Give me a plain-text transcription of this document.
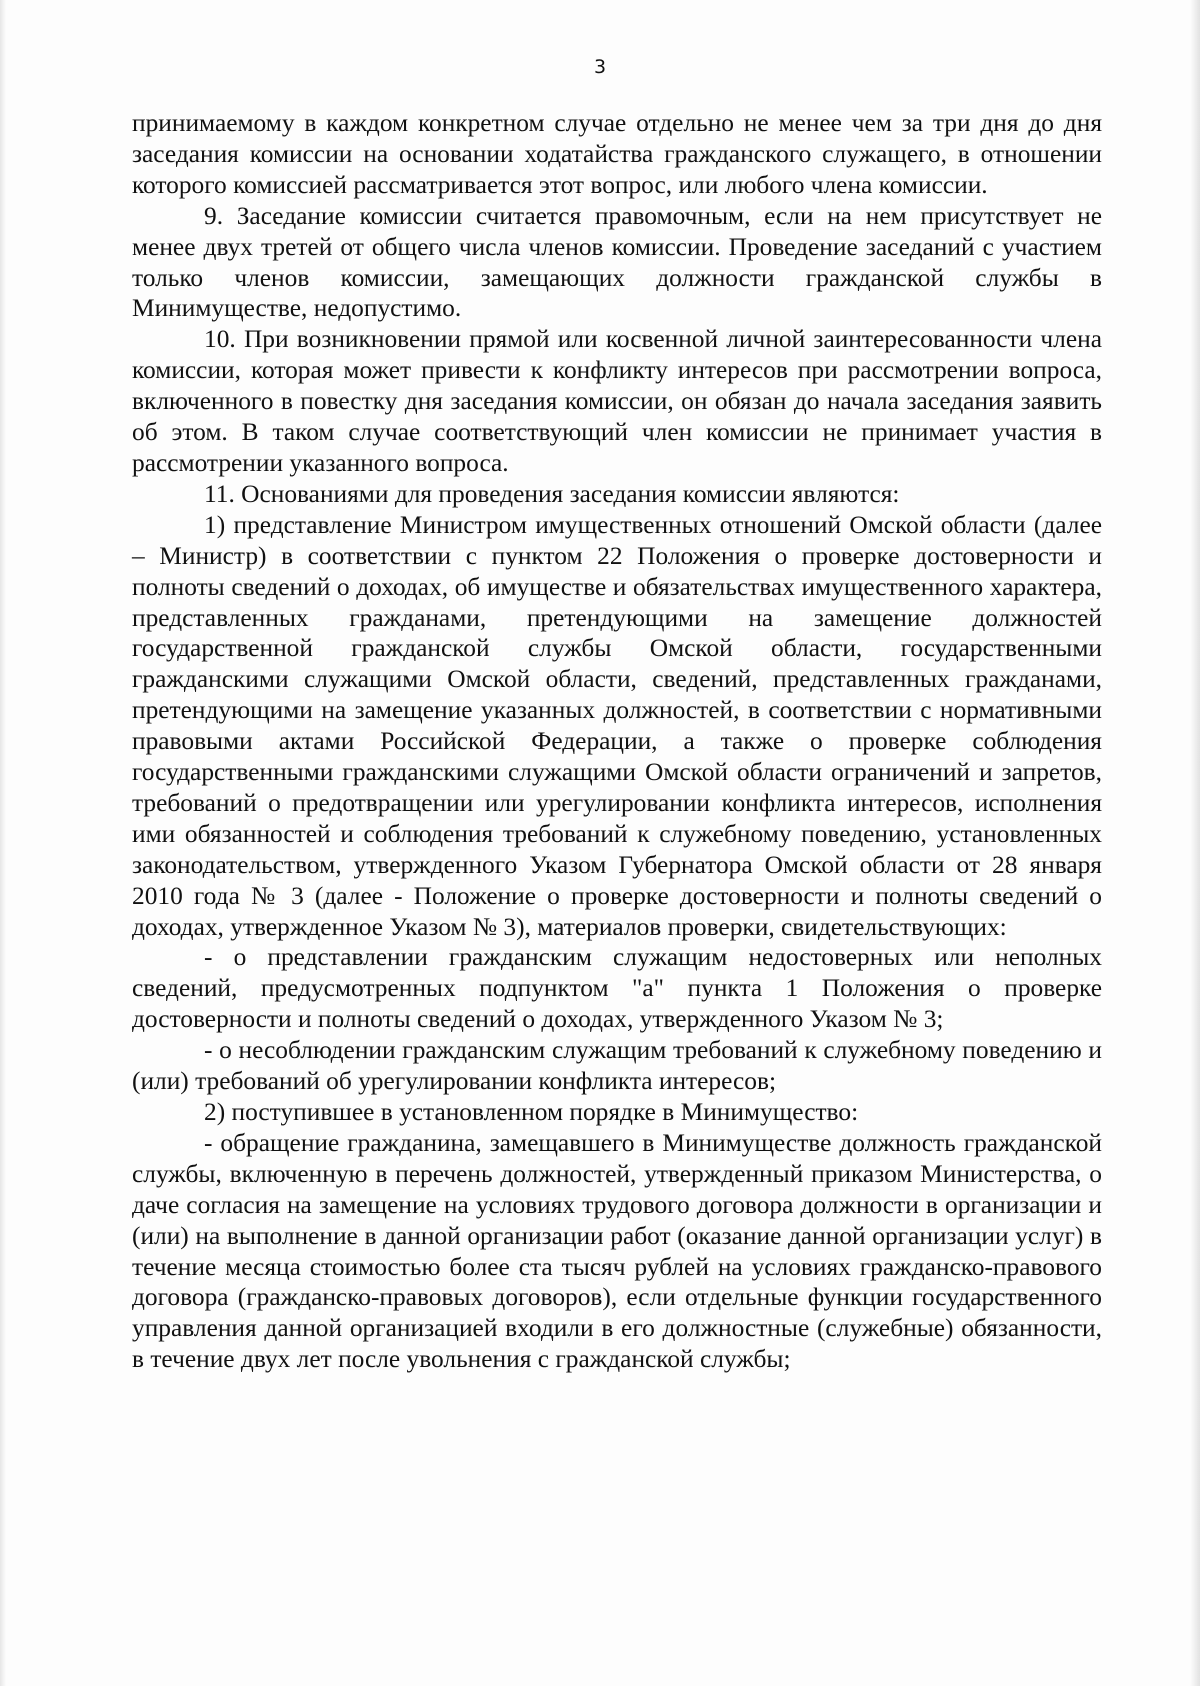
3

принимаемому в каждом конкретном случае отдельно не менее чем за три дня до дня заседания комиссии на основании ходатайства гражданского служащего, в отношении которого комиссией рассматривается этот вопрос, или любого члена комиссии.

9. Заседание комиссии считается правомочным, если на нем присутствует не менее двух третей от общего числа членов комиссии. Проведение заседаний с участием только членов комиссии, замещающих должности гражданской службы в Минимуществе, недопустимо.

10. При возникновении прямой или косвенной личной заинтересованности члена комиссии, которая может привести к конфликту интересов при рассмотрении вопроса, включенного в повестку дня заседания комиссии, он обязан до начала заседания заявить об этом. В таком случае соответствующий член комиссии не принимает участия в рассмотрении указанного вопроса.

11. Основаниями для проведения заседания комиссии являются:

1) представление Министром имущественных отношений Омской области (далее – Министр) в соответствии с пунктом 22 Положения о проверке достоверности и полноты сведений о доходах, об имуществе и обязательствах имущественного характера, представленных гражданами, претендующими на замещение должностей государственной гражданской службы Омской области, государственными гражданскими служащими Омской области, сведений, представленных гражданами, претендующими на замещение указанных должностей, в соответствии с нормативными правовыми актами Российской Федерации, а также о проверке соблюдения государственными гражданскими служащими Омской области ограничений и запретов, требований о предотвращении или урегулировании конфликта интересов, исполнения ими обязанностей и соблюдения требований к служебному поведению, установленных законодательством, утвержденного Указом Губернатора Омской области от 28 января 2010 года № 3 (далее - Положение о проверке достоверности и полноты сведений о доходах, утвержденное Указом № 3), материалов проверки, свидетельствующих:

- о представлении гражданским служащим недостоверных или неполных сведений, предусмотренных подпунктом "а" пункта 1 Положения о проверке достоверности и полноты сведений о доходах, утвержденного Указом № 3;

- о несоблюдении гражданским служащим требований к служебному поведению и (или) требований об урегулировании конфликта интересов;

2) поступившее в установленном порядке в Минимущество:

- обращение гражданина, замещавшего в Минимуществе должность гражданской службы, включенную в перечень должностей, утвержденный приказом Министерства, о даче согласия на замещение на условиях трудового договора должности в организации и (или) на выполнение в данной организации работ (оказание данной организации услуг) в течение месяца стоимостью более ста тысяч рублей на условиях гражданско-правового договора (гражданско-правовых договоров), если отдельные функции государственного управления данной организацией входили в его должностные (служебные) обязанности, в течение двух лет после увольнения с гражданской службы;
